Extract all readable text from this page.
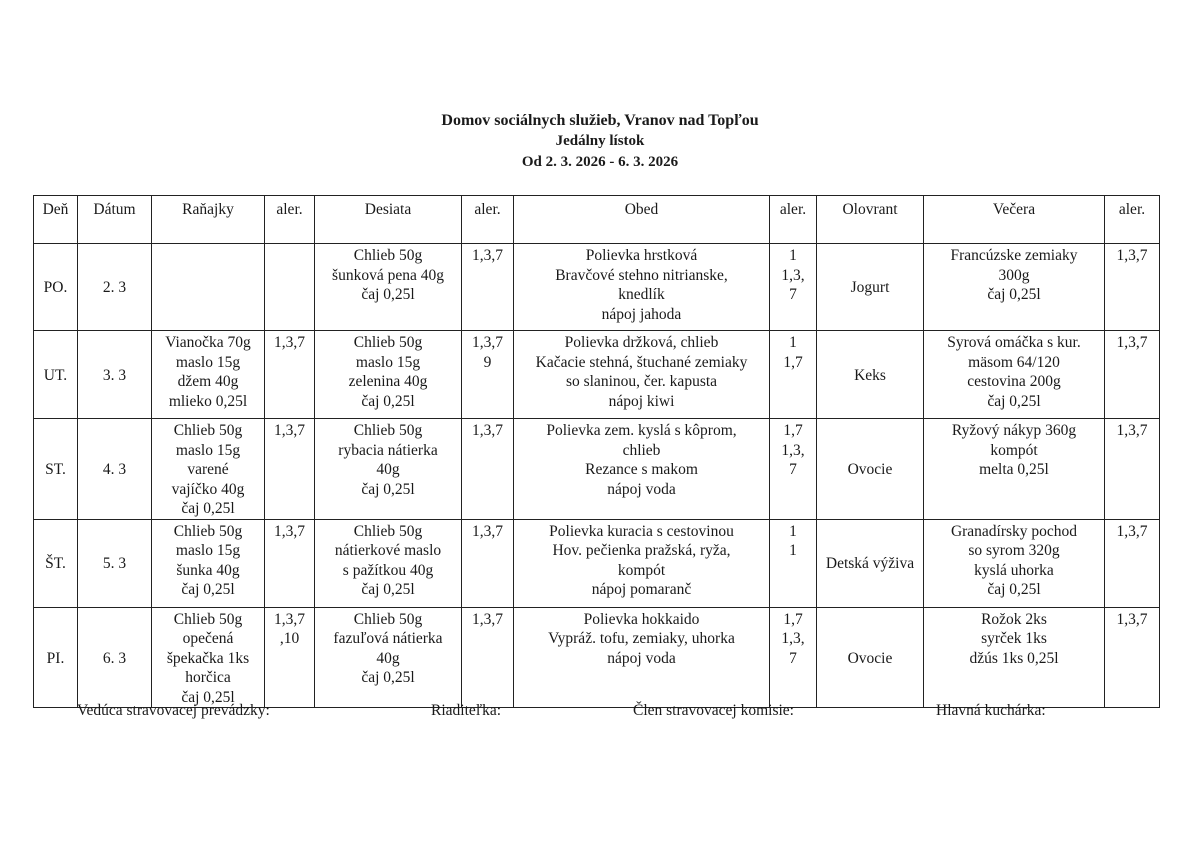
Domov sociálnych služieb, Vranov nad Topľou
Jedálny lístok
Od 2. 3. 2026 - 6. 3. 2026
Deň	Dátum	Raňajky	aler.	Desiata	aler.	Obed	aler.	Olovrant	Večera	aler.
PO.	2. 3			Chlieb 50g
šunková pena 40g
čaj 0,25l	1,3,7	Polievka hrstková
Bravčové stehno nitrianske,
knedlík
nápoj jahoda	1
1,3,
7	Jogurt	Francúzske zemiaky
300g
čaj 0,25l	1,3,7

UT.	3. 3	Vianočka 70g
maslo 15g
džem 40g
mlieko 0,25l	1,3,7	Chlieb 50g
maslo 15g
zelenina 40g
čaj 0,25l	1,3,7
9	Polievka držková, chlieb
Kačacie stehná, štuchané zemiaky
so slaninou, čer. kapusta
nápoj kiwi	1
1,7	Keks	Syrová omáčka s kur.
mäsom 64/120
cestovina 200g
čaj 0,25l	1,3,7

ST.	4. 3	Chlieb 50g
maslo 15g
varené
vajíčko 40g
čaj 0,25l	1,3,7	Chlieb 50g
rybacia nátierka
40g
čaj 0,25l	1,3,7	Polievka zem. kyslá s kôprom,
chlieb
Rezance s makom
nápoj voda	1,7
1,3,
7	Ovocie	Ryžový nákyp 360g
kompót
melta 0,25l	1,3,7

ŠT.	5. 3	Chlieb 50g
maslo 15g
šunka 40g
čaj 0,25l	1,3,7	Chlieb 50g
nátierkové maslo
s pažítkou 40g
čaj 0,25l	1,3,7	Polievka kuracia s cestovinou
Hov. pečienka pražská, ryža,
kompót
nápoj pomaranč	1
1	Detská výživa	Granadírsky pochod
so syrom 320g
kyslá uhorka
čaj 0,25l	1,3,7

PI.	6. 3	Chlieb 50g
opečená
špekačka 1ks
horčica
čaj 0,25l	1,3,7
,10	Chlieb 50g
fazuľová nátierka
40g
čaj 0,25l	1,3,7	Polievka hokkaido
Vypráž. tofu, zemiaky, uhorka
nápoj voda	1,7
1,3,
7	Ovocie	Rožok 2ks
syrček 1ks
džús 1ks 0,25l	1,3,7
Vedúca stravovacej prevádzky:	Riaditeľka:	Člen stravovacej komisie:	Hlavná kuchárka:
